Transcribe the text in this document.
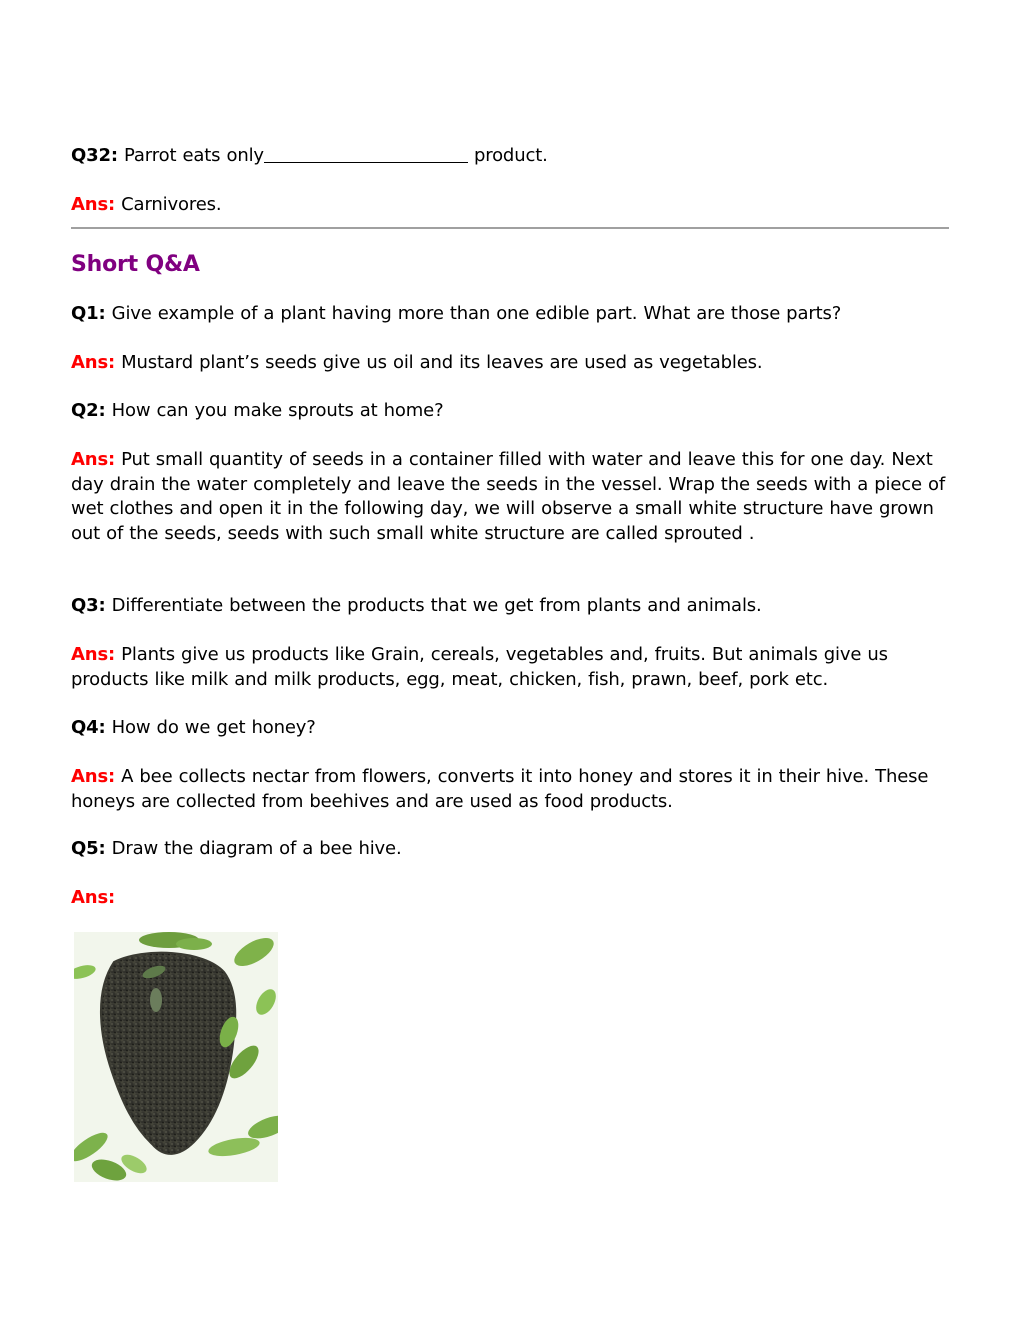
Q32: Parrot eats only	product.

Ans: Carnivores.

Short Q&A

Q1: Give example of a plant having more than one edible part. What are those parts?

Ans: Mustard plant’s seeds give us oil and its leaves are used as vegetables.

Q2: How can you make sprouts at home?

Ans: Put small quantity of seeds in a container filled with water and leave this for one day. Next day drain the water completely and leave the seeds in the vessel. Wrap the seeds with a piece of wet clothes and open it in the following day, we will observe a small white structure have grown out of the seeds, seeds with such small white structure are called sprouted .

Q3: Differentiate between the products that we get from plants and animals.

Ans: Plants give us products like Grain, cereals, vegetables and, fruits. But animals give us products like milk and milk products, egg, meat, chicken, fish, prawn, beef, pork etc.

Q4: How do we get honey?

Ans: A bee collects nectar from flowers, converts it into honey and stores it in their hive. These honeys are collected from beehives and are used as food products.

Q5: Draw the diagram of a bee hive.

Ans:
